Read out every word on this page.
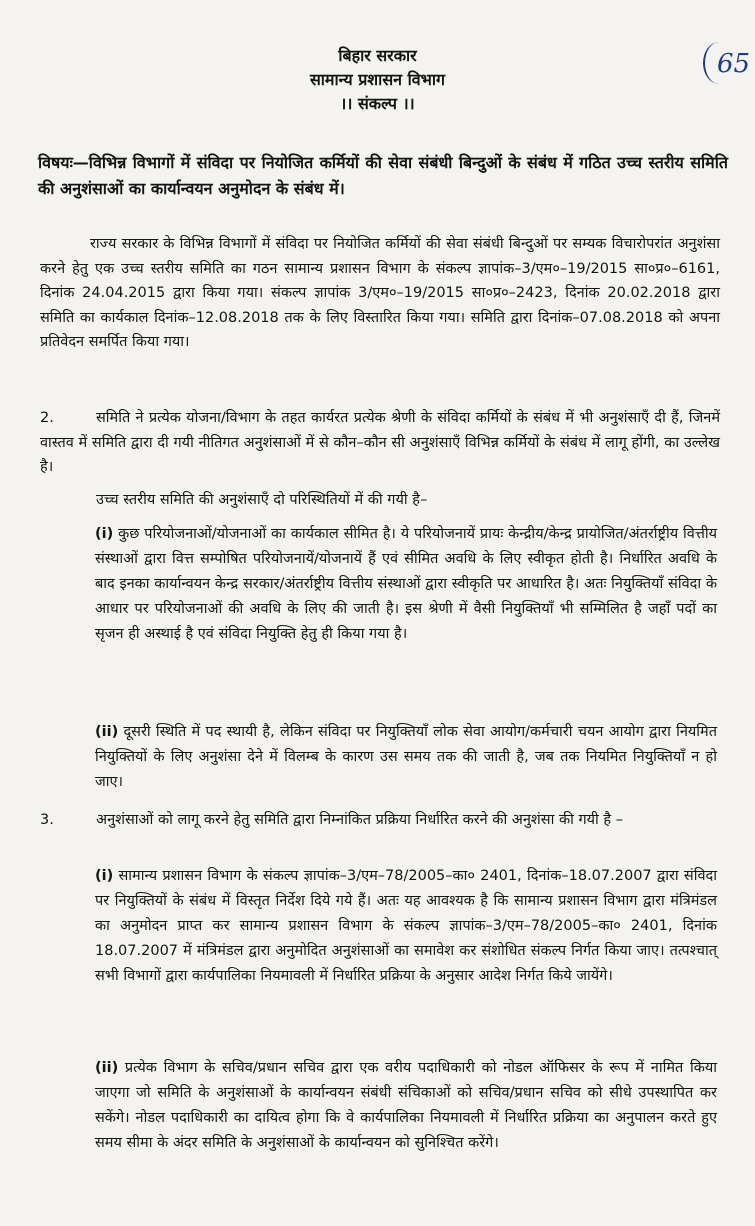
बिहार सरकार
सामान्य प्रशासन विभाग
।। संकल्प ।।
65
विषयः—विभिन्न विभागों में संविदा पर नियोजित कर्मियों की सेवा संबंधी बिन्दुओं के संबंध में गठित उच्च स्तरीय समिति की अनुशंसाओं का कार्यान्वयन अनुमोदन के संबंध में।
राज्य सरकार के विभिन्न विभागों में संविदा पर नियोजित कर्मियों की सेवा संबंधी बिन्दुओं पर सम्यक विचारोपरांत अनुशंसा करने हेतु एक उच्च स्तरीय समिति का गठन सामान्य प्रशासन विभाग के संकल्प ज्ञापांक–3/एम०–19/2015 सा०प्र०–6161, दिनांक 24.04.2015 द्वारा किया गया। संकल्प ज्ञापांक 3/एम०–19/2015 सा०प्र०–2423, दिनांक 20.02.2018 द्वारा समिति का कार्यकाल दिनांक–12.08.2018 तक के लिए विस्तारित किया गया। समिति द्वारा दिनांक–07.08.2018 को अपना प्रतिवेदन समर्पित किया गया।
2.	समिति ने प्रत्येक योजना/विभाग के तहत कार्यरत प्रत्येक श्रेणी के संविदा कर्मियों के संबंध में भी अनुशंसाएँ दी हैं, जिनमें वास्तव में समिति द्वारा दी गयी नीतिगत अनुशंसाओं में से कौन–कौन सी अनुशंसाएँ विभिन्न कर्मियों के संबंध में लागू होंगी, का उल्लेख है।
उच्च स्तरीय समिति की अनुशंसाएँ दो परिस्थितियों में की गयी है–
(i) कुछ परियोजनाओं/योजनाओं का कार्यकाल सीमित है। ये परियोजनायें प्रायः केन्द्रीय/केन्द्र प्रायोजित/अंतर्राष्ट्रीय वित्तीय संस्थाओं द्वारा वित्त सम्पोषित परियोजनायें/योजनायें हैं एवं सीमित अवधि के लिए स्वीकृत होती है। निर्धारित अवधि के बाद इनका कार्यान्वयन केन्द्र सरकार/अंतर्राष्ट्रीय वित्तीय संस्थाओं द्वारा स्वीकृति पर आधारित है। अतः नियुक्तियाँ संविदा के आधार पर परियोजनाओं की अवधि के लिए की जाती है। इस श्रेणी में वैसी नियुक्तियाँ भी सम्मिलित है जहाँ पदों का सृजन ही अस्थाई है एवं संविदा नियुक्ति हेतु ही किया गया है।
(ii) दूसरी स्थिति में पद स्थायी है, लेकिन संविदा पर नियुक्तियाँ लोक सेवा आयोग/कर्मचारी चयन आयोग द्वारा नियमित नियुक्तियों के लिए अनुशंसा देने में विलम्ब के कारण उस समय तक की जाती है, जब तक नियमित नियुक्तियाँ न हो जाए।
3.	अनुशंसाओं को लागू करने हेतु समिति द्वारा निम्नांकित प्रक्रिया निर्धारित करने की अनुशंसा की गयी है –
(i) सामान्य प्रशासन विभाग के संकल्प ज्ञापांक–3/एम–78/2005–का० 2401, दिनांक–18.07.2007 द्वारा संविदा पर नियुक्तियों के संबंध में विस्तृत निर्देश दिये गये हैं। अतः यह आवश्यक है कि सामान्य प्रशासन विभाग द्वारा मंत्रिमंडल का अनुमोदन प्राप्त कर सामान्य प्रशासन विभाग के संकल्प ज्ञापांक–3/एम–78/2005–का० 2401, दिनांक 18.07.2007 में मंत्रिमंडल द्वारा अनुमोदित अनुशंसाओं का समावेश कर संशोधित संकल्प निर्गत किया जाए। तत्पश्चात् सभी विभागों द्वारा कार्यपालिका नियमावली में निर्धारित प्रक्रिया के अनुसार आदेश निर्गत किये जायेंगे।
(ii) प्रत्येक विभाग के सचिव/प्रधान सचिव द्वारा एक वरीय पदाधिकारी को नोडल ऑफिसर के रूप में नामित किया जाएगा जो समिति के अनुशंसाओं के कार्यान्वयन संबंधी संचिकाओं को सचिव/प्रधान सचिव को सीधे उपस्थापित कर सकेंगे। नोडल पदाधिकारी का दायित्व होगा कि वे कार्यपालिका नियमावली में निर्धारित प्रक्रिया का अनुपालन करते हुए समय सीमा के अंदर समिति के अनुशंसाओं के कार्यान्वयन को सुनिश्चित करेंगे।
